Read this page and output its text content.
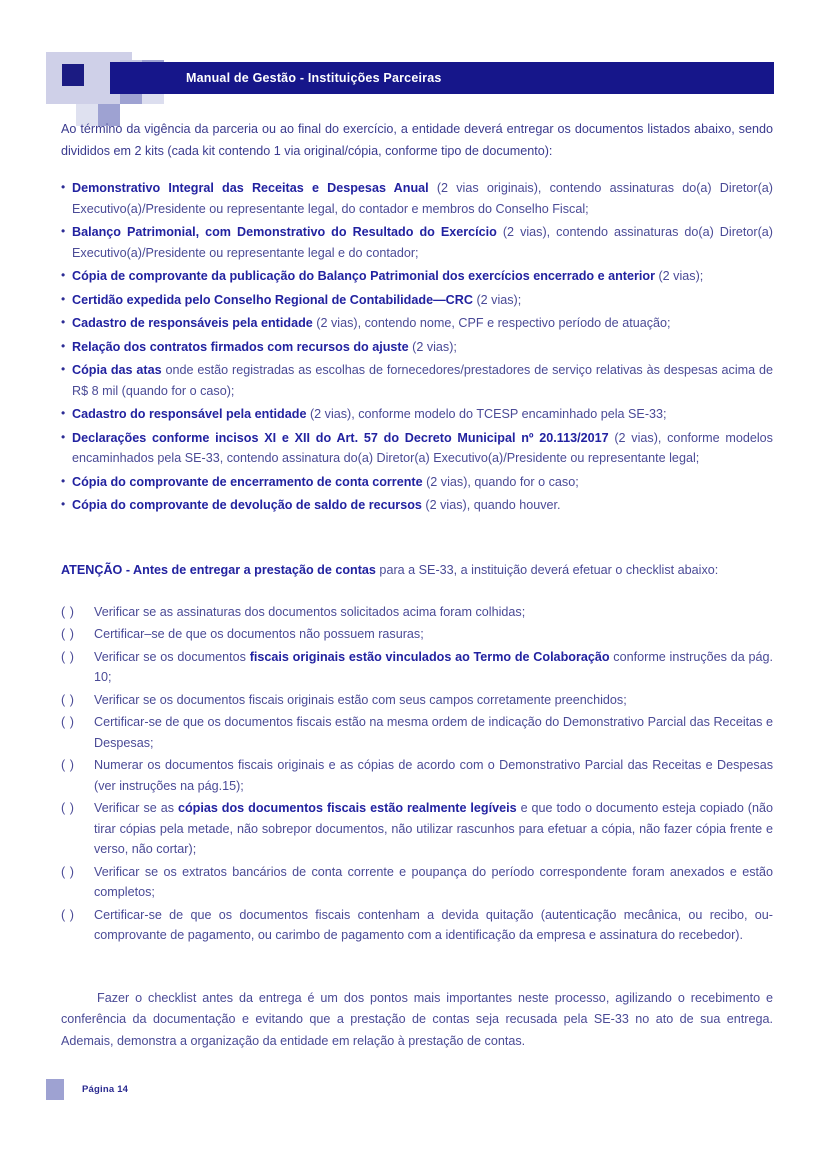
Manual de Gestão - Instituições Parceiras

Ao término da vigência da parceria ou ao final do exercício, a entidade deverá entregar os documentos listados abaixo, sendo divididos em 2 kits (cada kit contendo 1 via original/cópia, conforme tipo de documento):

• Demonstrativo Integral das Receitas e Despesas Anual (2 vias originais), contendo assinaturas do(a) Diretor(a) Executivo(a)/Presidente ou representante legal, do contador e membros do Conselho Fiscal;
• Balanço Patrimonial, com Demonstrativo do Resultado do Exercício (2 vias), contendo assinaturas do(a) Diretor(a) Executivo(a)/Presidente ou representante legal e do contador;
• Cópia de comprovante da publicação do Balanço Patrimonial dos exercícios encerrado e anterior (2 vias);
• Certidão expedida pelo Conselho Regional de Contabilidade—CRC (2 vias);
• Cadastro de responsáveis pela entidade (2 vias), contendo nome, CPF e respectivo período de atuação;
• Relação dos contratos firmados com recursos do ajuste (2 vias);
• Cópia das atas onde estão registradas as escolhas de fornecedores/prestadores de serviço relativas às despesas acima de R$ 8 mil (quando for o caso);
• Cadastro do responsável pela entidade (2 vias), conforme modelo do TCESP encaminhado pela SE-33;
• Declarações conforme incisos XI e XII do Art. 57 do Decreto Municipal nº 20.113/2017 (2 vias), conforme modelos encaminhados pela SE-33, contendo assinatura do(a) Diretor(a) Executivo(a)/Presidente ou representante legal;
• Cópia do comprovante de encerramento de conta corrente (2 vias), quando for o caso;
• Cópia do comprovante de devolução de saldo de recursos (2 vias), quando houver.

ATENÇÃO - Antes de entregar a prestação de contas para a SE-33, a instituição deverá efetuar o checklist abaixo:

( ) Verificar se as assinaturas dos documentos solicitados acima foram colhidas;
( ) Certificar–se de que os documentos não possuem rasuras;
( ) Verificar se os documentos fiscais originais estão vinculados ao Termo de Colaboração conforme instruções da pág. 10;
( ) Verificar se os documentos fiscais originais estão com seus campos corretamente preenchidos;
( ) Certificar-se de que os documentos fiscais estão na mesma ordem de indicação do Demonstrativo Parcial das Receitas e Despesas;
( ) Numerar os documentos fiscais originais e as cópias de acordo com o Demonstrativo Parcial das Receitas e Despesas (ver instruções na pág.15);
( ) Verificar se as cópias dos documentos fiscais estão realmente legíveis e que todo o documento esteja copiado (não tirar cópias pela metade, não sobrepor documentos, não utilizar rascunhos para efetuar a cópia, não fazer cópia frente e verso, não cortar);
( ) Verificar se os extratos bancários de conta corrente e poupança do período correspondente foram anexados e estão completos;
( ) Certificar-se de que os documentos fiscais contenham a devida quitação (autenticação mecânica, ou recibo, ou-comprovante de pagamento, ou carimbo de pagamento com a identificação da empresa e assinatura do recebedor).

Fazer o checklist antes da entrega é um dos pontos mais importantes neste processo, agilizando o recebimento e conferência da documentação e evitando que a prestação de contas seja recusada pela SE-33 no ato de sua entrega. Ademais, demonstra a organização da entidade em relação à prestação de contas.

Página 14
